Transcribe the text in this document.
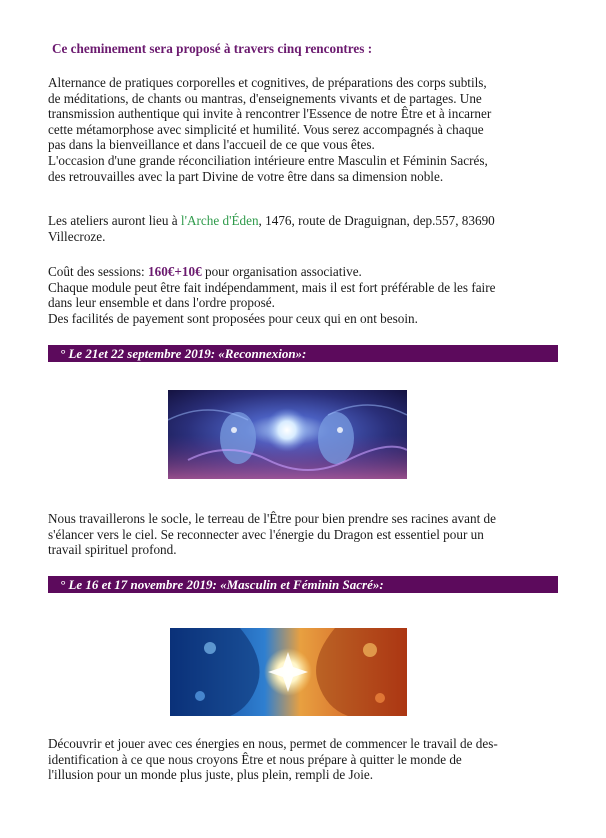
Ce cheminement sera proposé à travers cinq rencontres :
Alternance de pratiques corporelles et cognitives, de préparations des corps subtils,
de méditations, de chants ou mantras, d'enseignements vivants et de partages. Une
transmission authentique qui invite à rencontrer l'Essence de notre Être et à incarner
cette métamorphose avec simplicité et humilité. Vous serez accompagnés à chaque
pas dans la bienveillance et dans l'accueil de ce que vous êtes.
L'occasion d'une grande réconciliation intérieure entre Masculin et Féminin Sacrés,
des retrouvailles avec la part Divine de votre être dans sa dimension noble.
Les ateliers auront lieu à l'Arche d'Éden, 1476, route de Draguignan, dep.557, 83690
Villecroze.
Coût des sessions: 160€+10€ pour organisation associative.
Chaque module peut être fait indépendamment, mais il est fort préférable de les faire
dans leur ensemble et dans l'ordre proposé.
Des facilités de payement sont proposées pour ceux qui en ont besoin.
° Le 21et 22 septembre 2019: «Reconnexion»:
Nous travaillerons le socle, le terreau de l'Être pour bien prendre ses racines avant de
s'élancer vers le ciel. Se reconnecter avec l'énergie du Dragon est essentiel pour un
travail spirituel profond.
° Le 16 et 17 novembre 2019: «Masculin et Féminin Sacré»:
Découvrir et jouer avec ces énergies en nous, permet de commencer le travail de des-
identification à ce que nous croyons Être et nous prépare à quitter le monde de
l'illusion pour un monde plus juste, plus plein, rempli de Joie.
